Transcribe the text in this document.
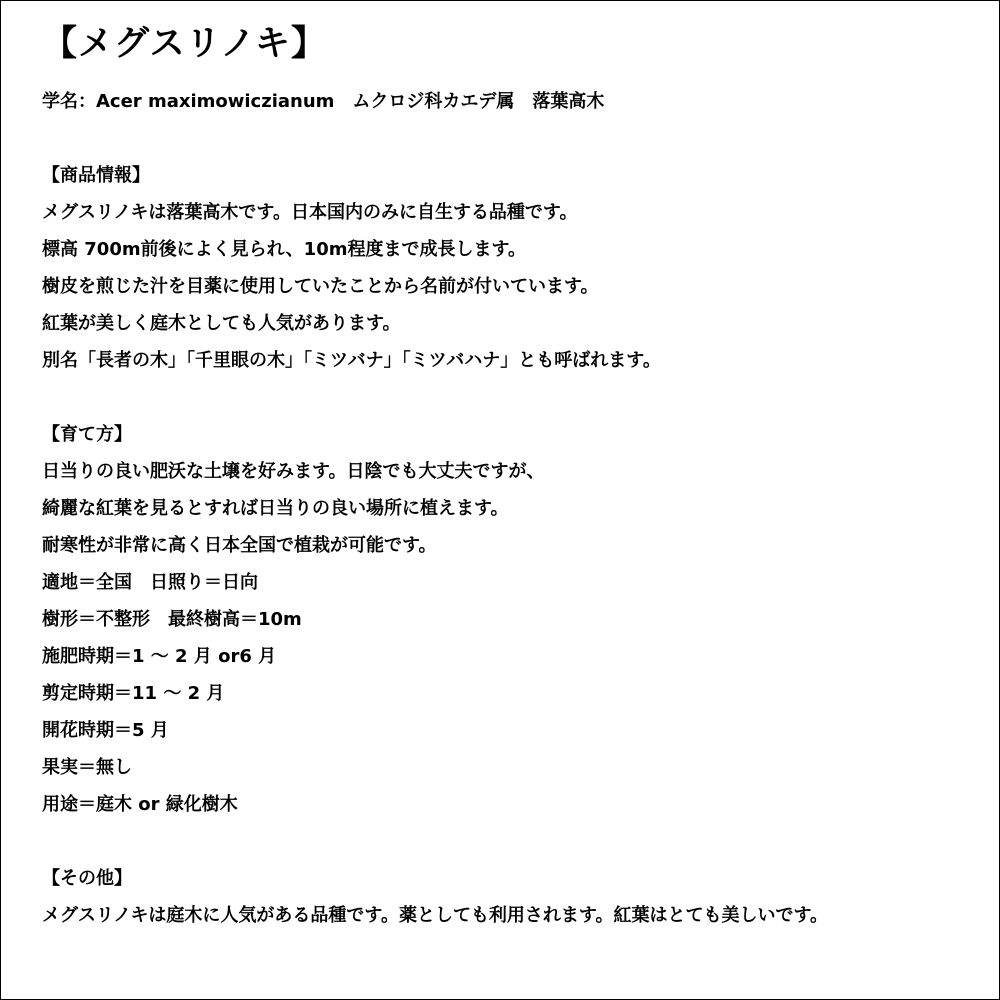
【メグスリノキ】

学名：Acer maximowiczianum　ムクロジ科カエデ属　落葉高木

【商品情報】

メグスリノキは落葉高木です。日本国内のみに自生する品種です。

標高 700m前後によく見られ、10m程度まで成長します。

樹皮を煎じた汁を目薬に使用していたことから名前が付いています。

紅葉が美しく庭木としても人気があります。

別名「長者の木」「千里眼の木」「ミツバナ」「ミツバハナ」とも呼ばれます。

【育て方】

日当りの良い肥沃な土壌を好みます。日陰でも大丈夫ですが、

綺麗な紅葉を見るとすれば日当りの良い場所に植えます。

耐寒性が非常に高く日本全国で植栽が可能です。

適地＝全国　日照り＝日向

樹形＝不整形　最終樹高＝10m

施肥時期＝1 ～ 2 月 or6 月

剪定時期＝11 ～ 2 月

開花時期＝5 月

果実＝無し

用途＝庭木 or 緑化樹木

【その他】

メグスリノキは庭木に人気がある品種です。薬としても利用されます。紅葉はとても美しいです。
